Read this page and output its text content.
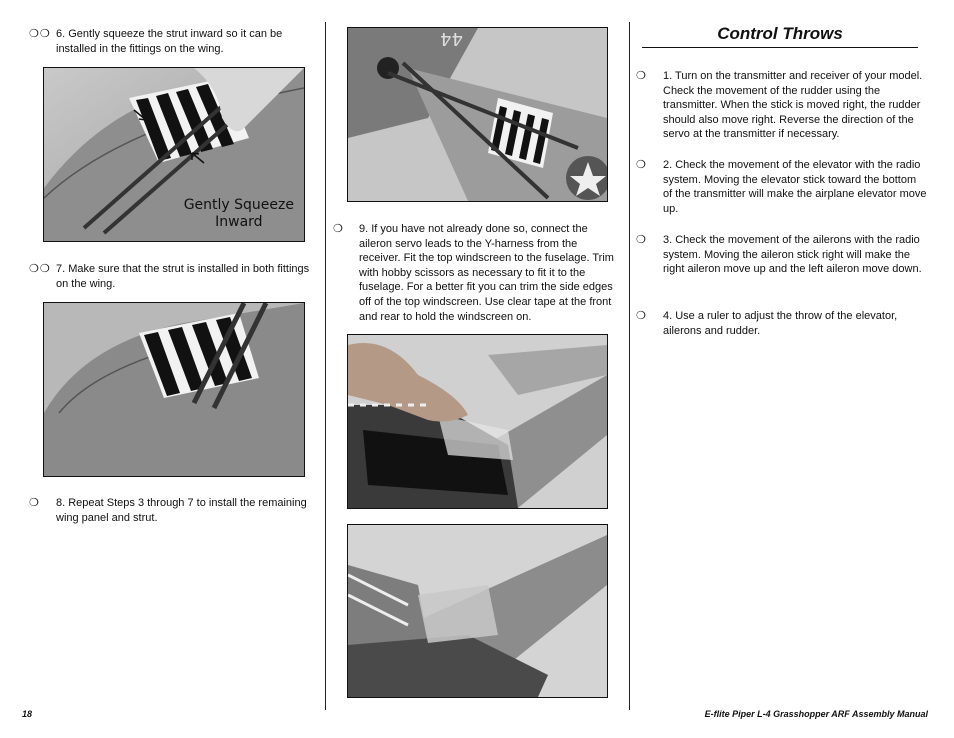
❍❍ 6. Gently squeeze the strut inward so it can be installed in the fittings on the wing.
Gently Squeeze
Inward
❍❍ 7. Make sure that the strut is installed in both fittings on the wing.
❍	8. Repeat Steps 3 through 7 to install the remaining wing panel and strut.
44
❍	9. If you have not already done so, connect the aileron servo leads to the Y-harness from the receiver. Fit the top windscreen to the fuselage. Trim with hobby scissors as necessary to fit it to the fuselage. For a better fit you can trim the side edges off of the top windscreen. Use clear tape at the front and rear to hold the windscreen on.
Control Throws
❍	1. Turn on the transmitter and receiver of your model. Check the movement of the rudder using the transmitter. When the stick is moved right, the rudder should also move right. Reverse the direction of the servo at the transmitter if necessary.
❍	2. Check the movement of the elevator with the radio system. Moving the elevator stick toward the bottom of the transmitter will make the airplane elevator move up.
❍	3. Check the movement of the ailerons with the radio system. Moving the aileron stick right will make the right aileron move up and the left aileron move down.
❍	4. Use a ruler to adjust the throw of the elevator, ailerons and rudder.
18	E-flite Piper L-4 Grasshopper ARF Assembly Manual
